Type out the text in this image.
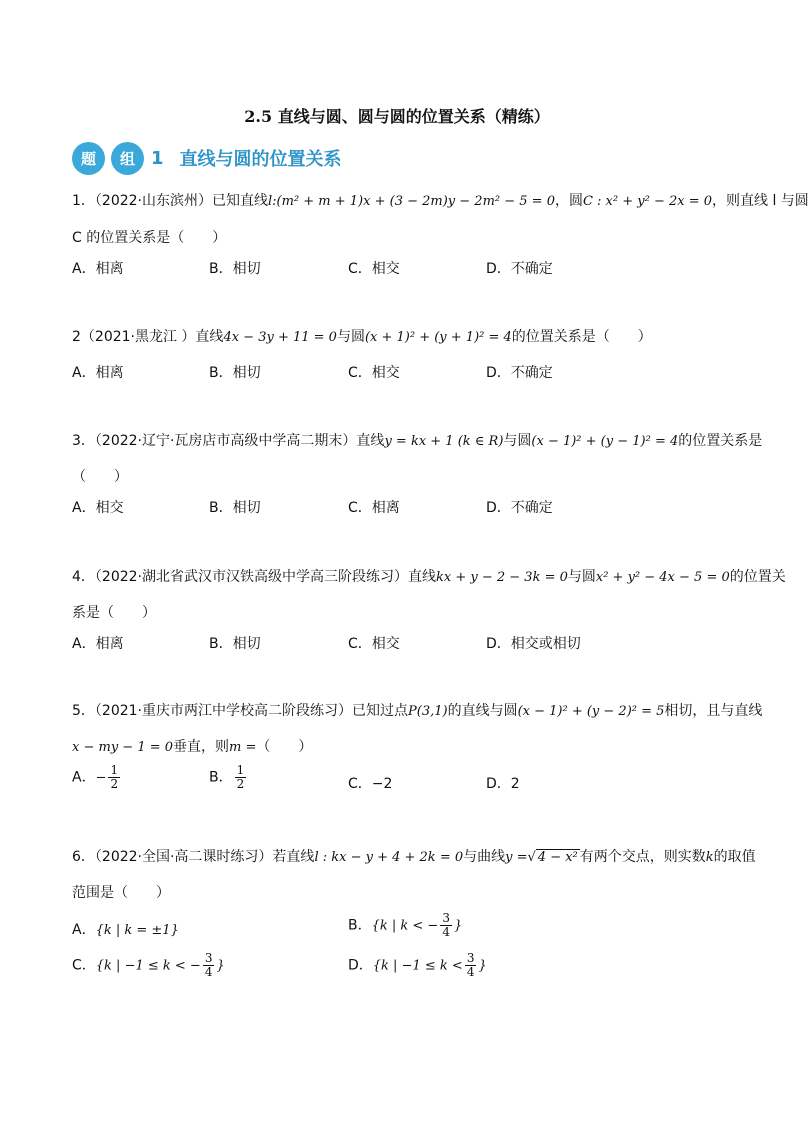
2.5 直线与圆、圆与圆的位置关系（精练）
题	组 1 直线与圆的位置关系
1．（2022·山东滨州）已知直线l:(m² + m + 1)x + (3 − 2m)y − 2m² − 5 = 0，圆C : x² + y² − 2x = 0，则直线 l 与圆
C 的位置关系是（　　）
A．相离	B．相切	C．相交	D．不确定
2（2021·黑龙江 ）直线4x − 3y + 11 = 0与圆(x + 1)² + (y + 1)² = 4的位置关系是（　　）
A．相离	B．相切	C．相交	D．不确定
3．（2022·辽宁·瓦房店市高级中学高二期末）直线y = kx + 1 (k ∈ R)与圆(x − 1)² + (y − 1)² = 4的位置关系是
（　　）
A．相交	B．相切	C．相离	D．不确定
4．（2022·湖北省武汉市汉铁高级中学高三阶段练习）直线kx + y − 2 − 3k = 0与圆x² + y² − 4x − 5 = 0的位置关
系是（　　）
A．相离	B．相切	C．相交	D．相交或相切
5．（2021·重庆市两江中学校高二阶段练习）已知过点P(3,1)的直线与圆(x − 1)² + (y − 2)² = 5相切，且与直线
x − my − 1 = 0垂直，则m =（　　）
A．− $\frac{1}{2}$	B． $\frac{1}{2}$	C．−2	D．2
6．（2022·全国·高二课时练习）若直线l : kx − y + 4 + 2k = 0与曲线y =√ 4 − x² 有两个交点，则实数k的取值
范围是（　　）
A．{k | k = ±1}	B．{k | k < − $\frac{3}{4}$ }
C．{k | −1 ≤ k < − $\frac{3}{4}$ }	D．{k | $-1 \le k < \frac{3}{4}$ }
